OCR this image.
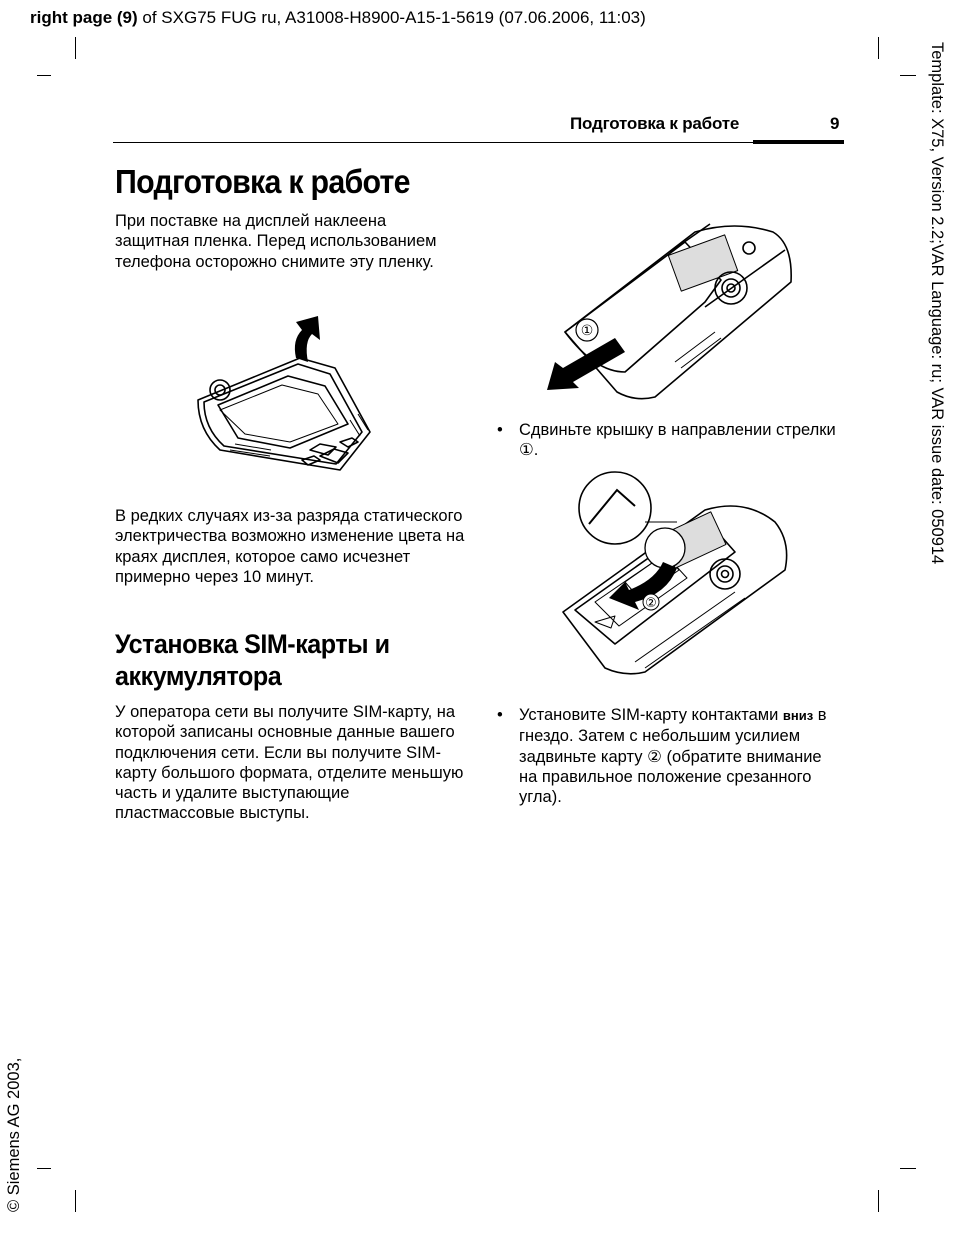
right page (9) of SXG75 FUG ru, A31008-H8900-A15-1-5619 (07.06.2006, 11:03)
Template: X75, Version 2.2;VAR Language: ru; VAR issue date: 050914
© Siemens AG 2003,
Подготовка к работе	9
Подготовка к работе
При поставке на дисплей наклеена защитная пленка. Перед использованием телефона осторожно снимите эту пленку.
В редких случаях из-за разряда статического электричества возможно изменение цвета на краях дисплея, которое само исчезнет примерно через 10 минут.
Установка SIM-карты и аккумулятора
У оператора сети вы получите SIM-карту, на которой записаны основные данные вашего подключения сети. Если вы получите SIM-карту большого формата, отделите меньшую часть и удалите выступающие пластмассовые выступы.
①
• Сдвиньте крышку в направлении стрелки ①.
②
• Установите SIM-карту контактами вниз в гнездо. Затем с небольшим усилием задвиньте карту ② (обратите внимание на правильное положение срезанного угла).
